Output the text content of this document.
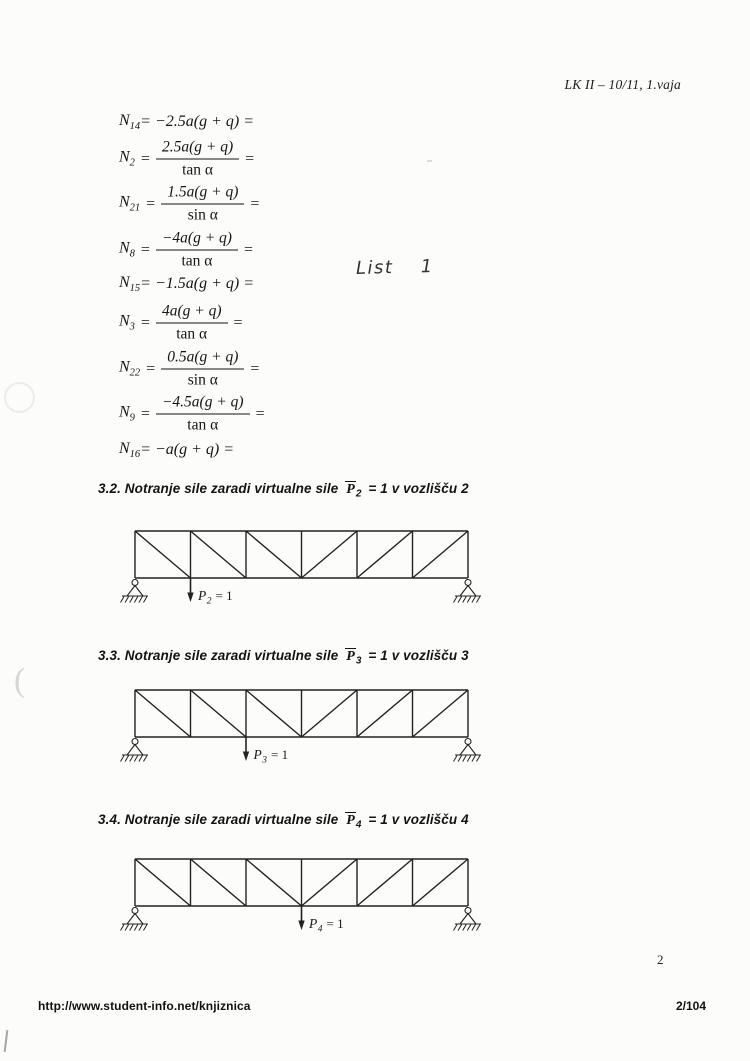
LK II – 10/11, 1.vaja
$N_{14} = -2.5a(g + q)$ =
$N_2 = \frac{2.5a(g + q)}{\text{tan α}}$ =
$N_{21} = \frac{1.5a(g + q)}{\text{sin α}}$ =
$N_8 = \frac{-4a(g + q)}{\text{tan α}}$ =
$N_{15} = -1.5a(g + q)$ =
$N_3 = \frac{4a(g + q)}{\text{tan α}}$ =
$N_{22} = \frac{0.5a(g + q)}{\text{sin α}}$ =
$N_9 = \frac{-4.5a(g + q)}{\text{tan α}}$ =
$N_{16} = -a(g + q)$ =
List 1
3.2. Notranje sile zaradi virtualne sile $P_2 = 1$ v vozlišču 2
$P_2 = 1$
3.3. Notranje sile zaradi virtualne sile $P_3 = 1$ v vozlišču 3
$P_3 = 1$
3.4. Notranje sile zaradi virtualne sile $P_4 = 1$ v vozlišču 4
$P_4 = 1$
2
http://www.student-info.net/knjiznica	2/104
(
